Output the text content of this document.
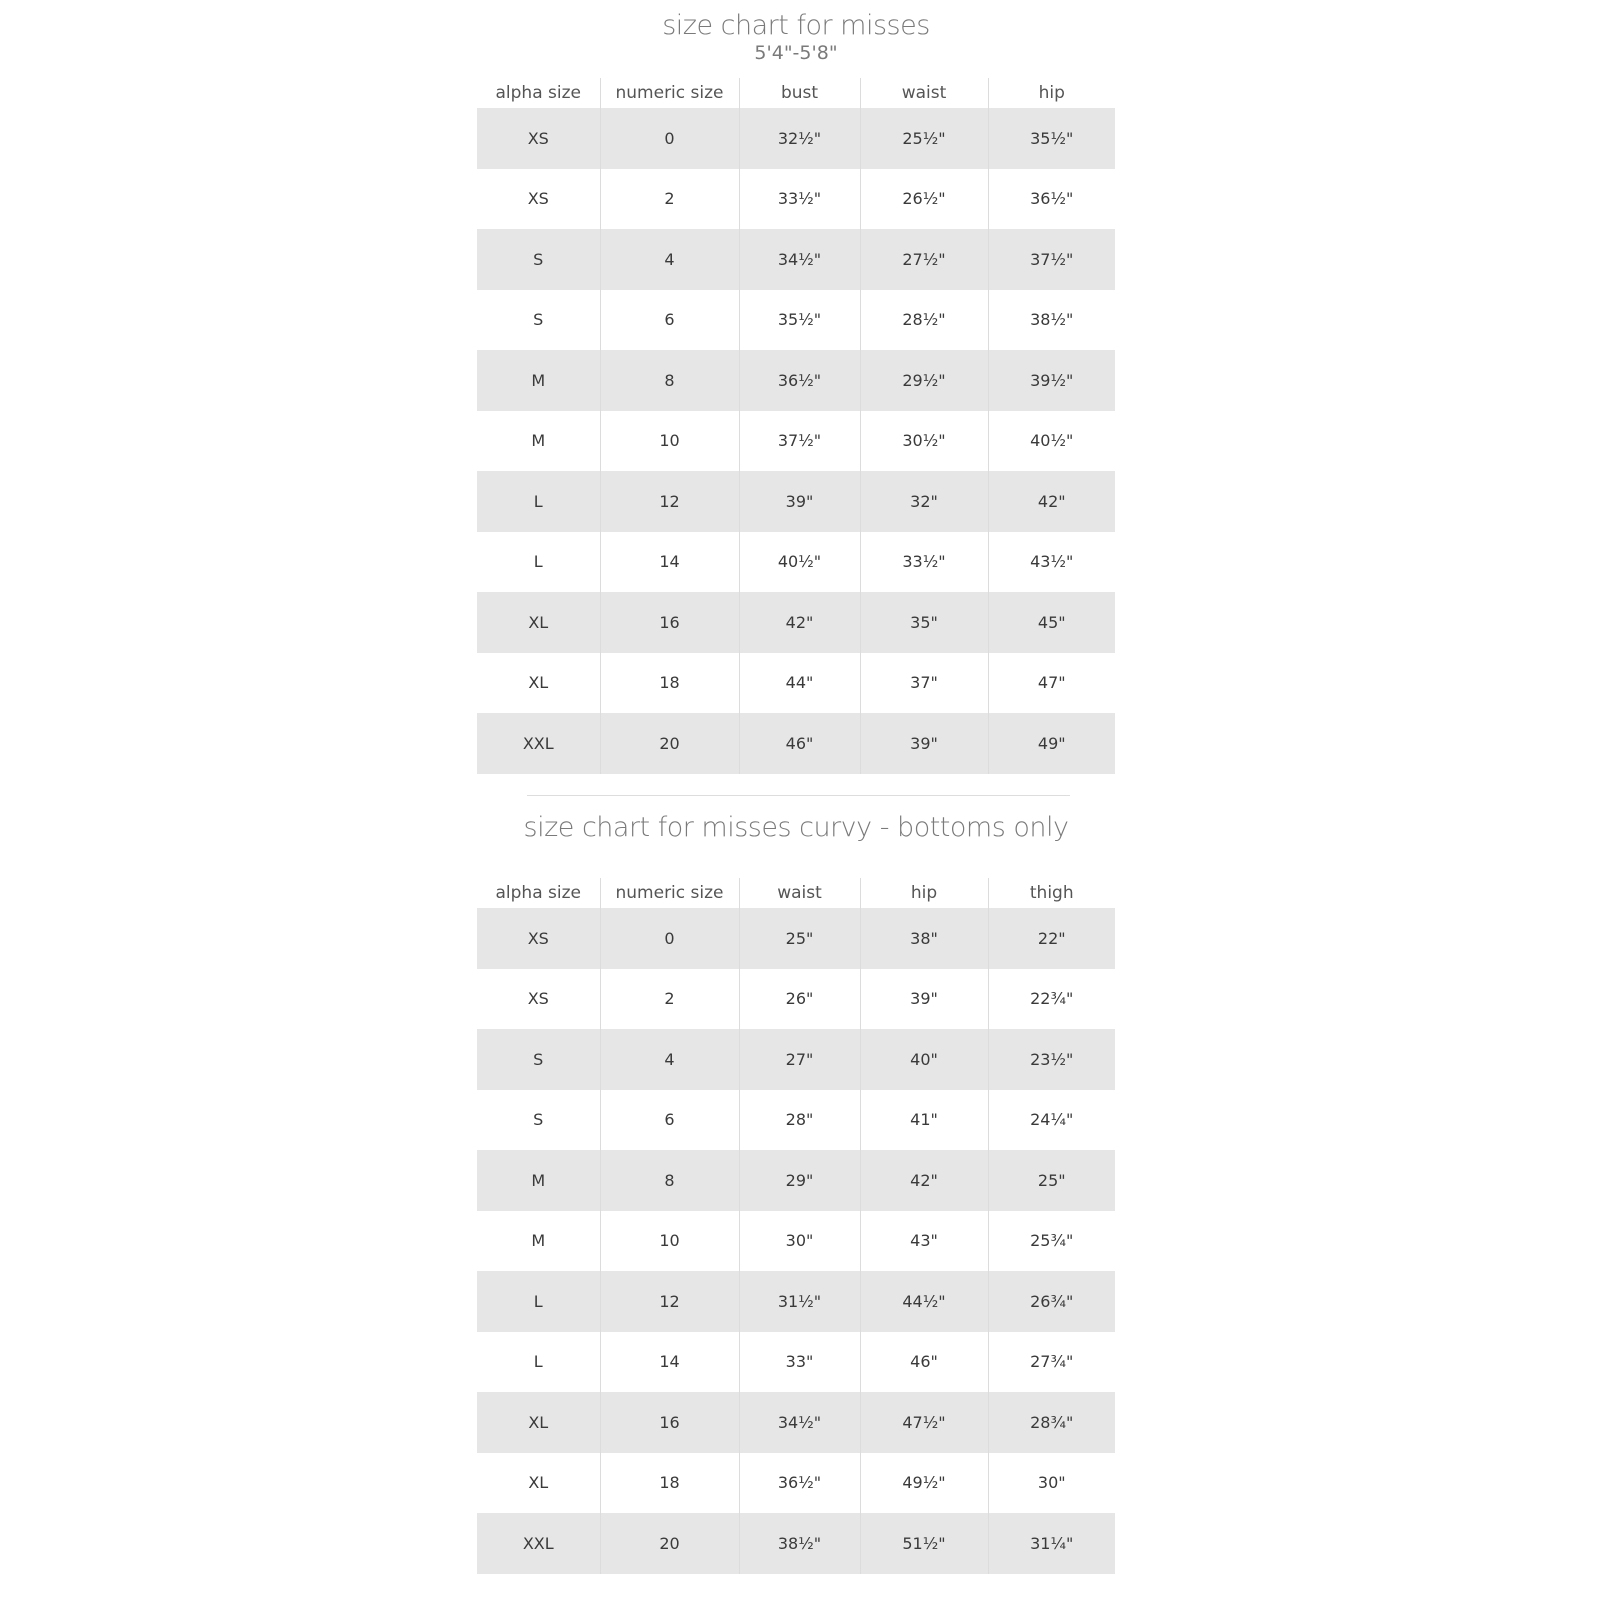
size chart for misses

5'4"-5'8"

alpha size	numeric size	bust	waist	hip
XS	0	32½"	25½"	35½"
XS	2	33½"	26½"	36½"
S	4	34½"	27½"	37½"
S	6	35½"	28½"	38½"
M	8	36½"	29½"	39½"
M	10	37½"	30½"	40½"
L	12	39"	32"	42"
L	14	40½"	33½"	43½"
XL	16	42"	35"	45"
XL	18	44"	37"	47"
XXL	20	46"	39"	49"
size chart for misses curvy - bottoms only
alpha size	numeric size	waist	hip	thigh
XS	0	25"	38"	22"
XS	2	26"	39"	22¾"
S	4	27"	40"	23½"
S	6	28"	41"	24¼"
M	8	29"	42"	25"
M	10	30"	43"	25¾"
L	12	31½"	44½"	26¾"
L	14	33"	46"	27¾"
XL	16	34½"	47½"	28¾"
XL	18	36½"	49½"	30"
XXL	20	38½"	51½"	31¼"
